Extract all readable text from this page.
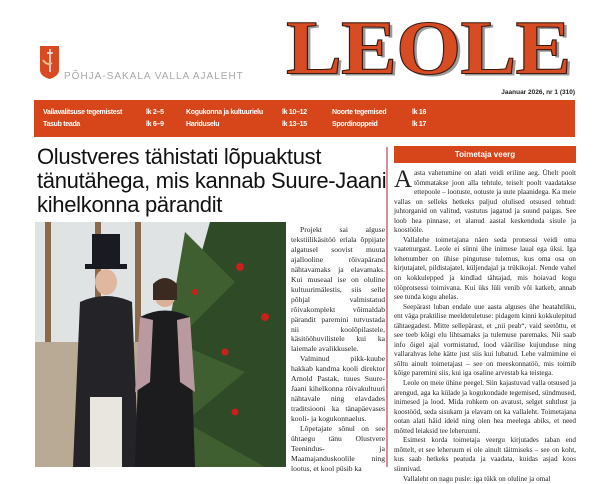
PÕHJA-SAKALA VALLA AJALEHT LEOLE
Jaanuar 2026, nr 1 (310)
Vallavalitsuse tegemistest	lk 2–5
Tasub teada	lk 6–9
Kogukonna ja kultuurielu	lk 10–12
Hariduselu	lk 13–15
Noorte tegemised	lk 16
Spordinoppeid	lk 17
Olustveres tähistati lõpuaktust tänutähega, mis kannab Suure-Jaani kihelkonna pärandit

Projekt sai alguse tekstiilikäsitöö eriala õppijate algatusel soovist muuta ajallooline rõivapärand nähtavamaks ja elavamaks. Kui museaal ise on oluline kultuurimälestis, siis selle põhjal valmistatud rõivakomplekt võimaldab pärandit paremini tutvustada nii koolõpilastele, käsitööhuvilistele kui ka laiemale avalikkusele.

Valminud pikk-kuube hakkab kandma kooli direktor Arnold Pastak, tuues Suure-Jaani kihelkonna rõivakultuuri nähtavale ning elavdades traditsiooni ka tänapäevases kooli- ja kogukonnaelus.

Lõpetajate sõnul on see ühtaegu tänu Olustvere Teenindus- ja Maamajanduskoolile ning lootus, et kool püsib ka

Toimetaja veerg

Aasta vahetumine on alati veidi eriline aeg. Ühelt poolt tõmmatakse joon alla tehtule, teiselt poolt vaadatakse ettepoole – lootuste, ootuste ja uute plaanidega. Ka meie vallas on selleks hetkeks paljud olulised otsused tehtud: juhtorganid on valitud, vastutus jagatud ja suund paigas. See loob hea pinnase, et alanud aastal keskenduda sisule ja koostööle.

Vallalehe toimetajana näen seda protsessi veidi oma vaatenurgast. Leole ei sünni ühe inimese laual ega üksi. Iga lehenumber on ühise pingutuse tulemus, kus oma osa on kirjutajatel, pildistajatel, küljendajal ja trükikojal. Nende vahel on kokkulepped ja kindlad tähtajad, mis hoiavad kogu tööprotsessi toimivana. Kui üks lüli venib või katkeb, annab see tunda kogu ahelas.

Seepärast luban endale uue aasta alguses ühe heatahtliku, ent väga praktilise meeldetuletuse: pidagem kinni kokkulepitud tähtaegadest. Mitte sellepärast, et „nii peab“, vaid seetõttu, et see teeb kõigi elu lihtsamaks ja tulemuse paremaks. Nii saab info õigel ajal vormistatud, lood väärilise kujunduse ning vallarahvas lehe kätte just siis kui lubatud. Lehe valmimine ei sõltu ainult toimetajast – see on meeskonnatöö, mis toimib kõige paremini siis, kui iga osaline arvestab ka teistega.

Leole on meie ühine peegel. Siin kajastuvad valla otsused ja arengud, aga ka külade ja kogukondade tegemised, sündmused, inimesed ja lood. Mida rohkem on avatust, selget suhtlust ja koostööd, seda sisukam ja elavam on ka vallaleht. Toimetajana ootan alati häid ideid ning olen hea meelega abiks, et need mõtted leiaksid tee leheruumi.

Esimest korda toimetaja veergu kirjutades taban end mõttelt, et see leheruum ei ole ainult täitmiseks – see on koht, kus saab hetkeks peatuda ja vaadata, kuidas asjad koos sünnivad.

Vallaleht on nagu pusle: iga tükk on oluline ja omal
